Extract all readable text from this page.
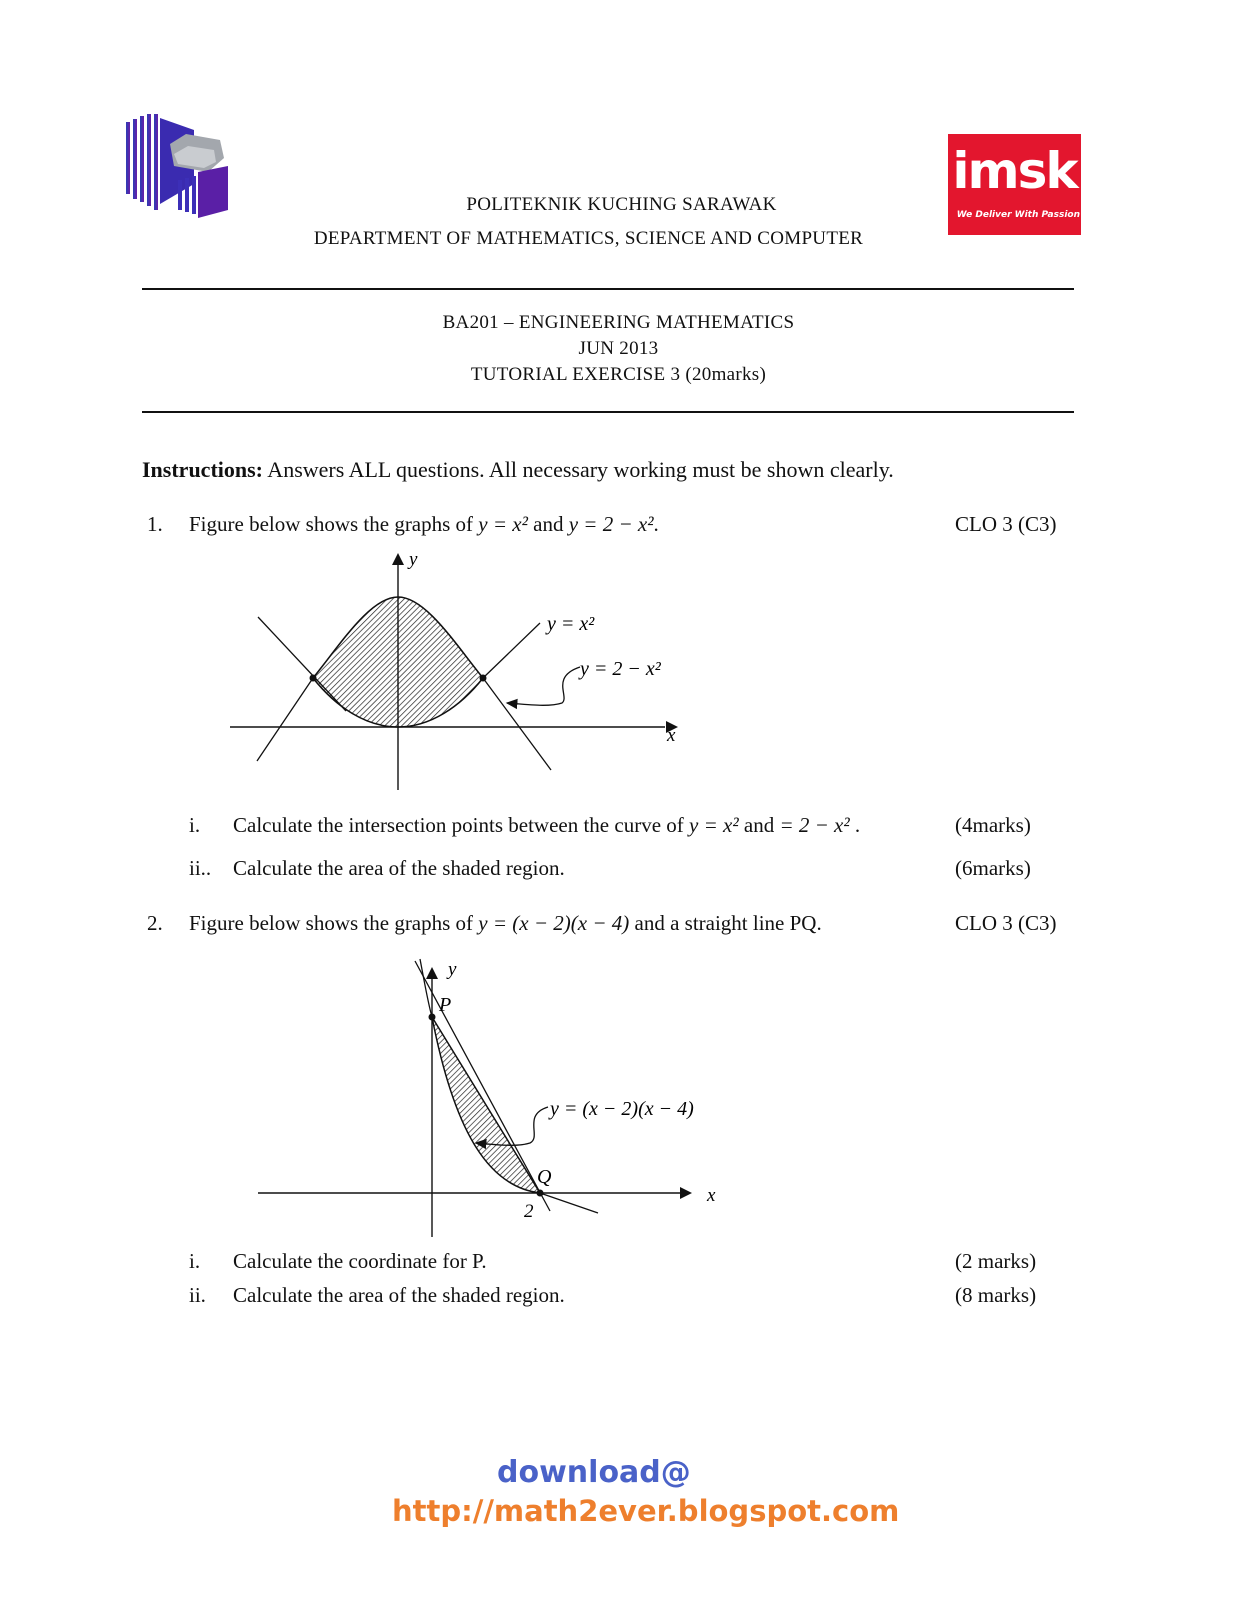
imsk
We Deliver With Passion
POLITEKNIK KUCHING SARAWAK
DEPARTMENT OF MATHEMATICS, SCIENCE AND COMPUTER
BA201 – ENGINEERING MATHEMATICS
JUN 2013
TUTORIAL EXERCISE 3 (20marks)
Instructions: Answers ALL questions. All necessary working must be shown clearly.
1. Figure below shows the graphs of y = x² and y = 2 − x².	CLO 3 (C3)
y
x
y = x²
y = 2 − x²
i. Calculate the intersection points between the curve of y = x² and = 2 − x² .	(4marks)
ii.. Calculate the area of the shaded region.	(6marks)
2. Figure below shows the graphs of y = (x − 2)(x − 4) and a straight line PQ.	CLO 3 (C3)
y
x
P
Q
2
y = (x − 2)(x − 4)
i. Calculate the coordinate for P.	(2 marks)
ii. Calculate the area of the shaded region.	(8 marks)
download@
http://math2ever.blogspot.com
